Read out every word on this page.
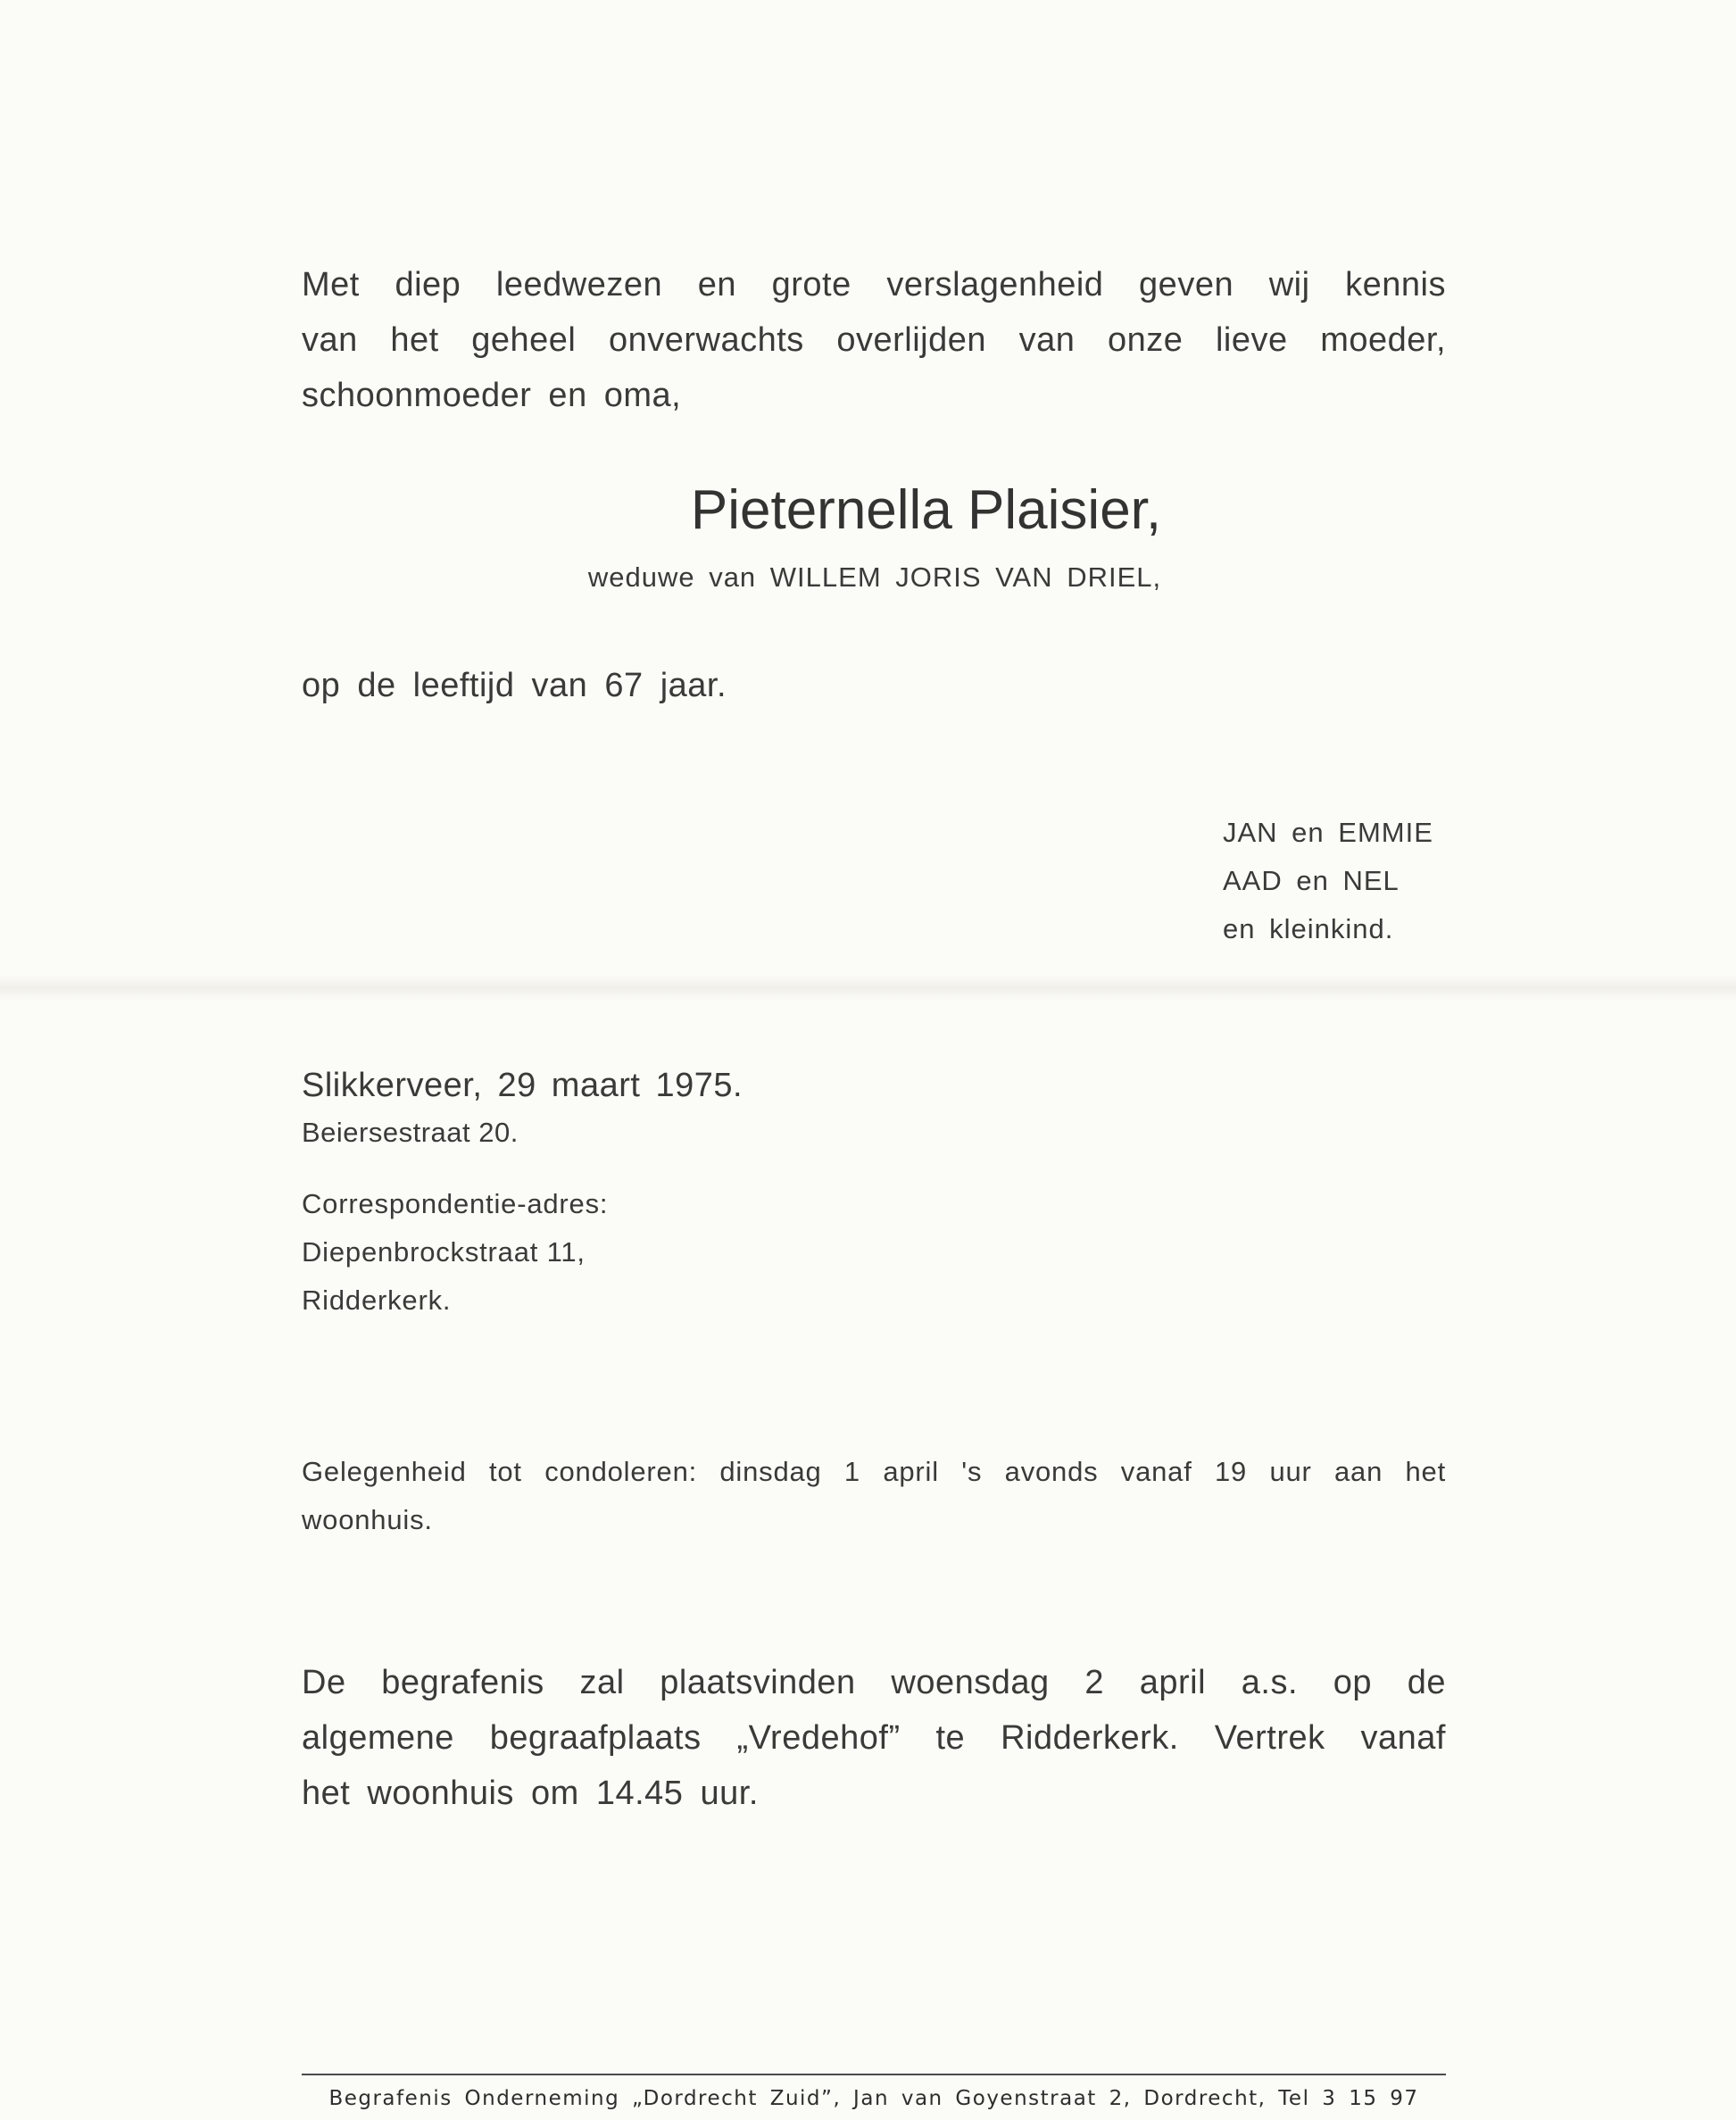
Met diep leedwezen en grote verslagenheid geven wij kennis
van het geheel onverwachts overlijden van onze lieve moeder,
schoonmoeder en oma,
Pieternella Plaisier,
weduwe van WILLEM JORIS VAN DRIEL,
op de leeftijd van 67 jaar.
JAN en EMMIE
AAD en NEL
en kleinkind.
Slikkerveer, 29 maart 1975.
Beiersestraat 20.
Correspondentie-adres:
Diepenbrockstraat 11,
Ridderkerk.
Gelegenheid tot condoleren: dinsdag 1 april 's avonds vanaf 19 uur aan het
woonhuis.
De begrafenis zal plaatsvinden woensdag 2 april a.s. op de
algemene begraafplaats „Vredehof” te Ridderkerk. Vertrek vanaf
het woonhuis om 14.45 uur.
Begrafenis Onderneming „Dordrecht Zuid”, Jan van Goyenstraat 2, Dordrecht, Tel 3 15 97
